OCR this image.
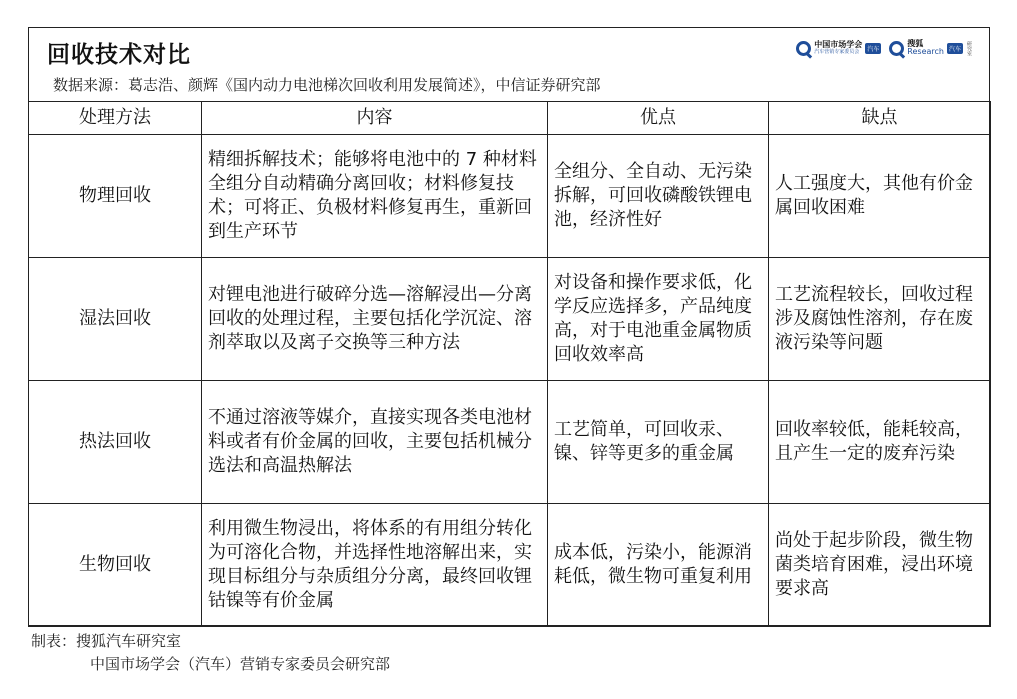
回收技术对比
数据来源：葛志浩、颜辉《国内动力电池梯次回收利用发展简述》，中信证券研究部
中国市场学会
汽车营销专家委员会	汽车
搜狐
Research 汽车	研究室
处理方法	内容	优点	缺点
物理回收	精细拆解技术；能够将电池中的 7 种材料全组分自动精确分离回收；材料修复技术；可将正、负极材料修复再生，重新回到生产环节	全组分、全自动、无污染拆解，可回收磷酸铁锂电池，经济性好	人工强度大，其他有价金属回收困难
湿法回收	对锂电池进行破碎分选—溶解浸出—分离回收的处理过程，主要包括化学沉淀、溶剂萃取以及离子交换等三种方法	对设备和操作要求低，化学反应选择多，产品纯度高，对于电池重金属物质回收效率高	工艺流程较长，回收过程涉及腐蚀性溶剂，存在废液污染等问题
热法回收	不通过溶液等媒介，直接实现各类电池材料或者有价金属的回收，主要包括机械分选法和高温热解法	工艺简单，可回收汞、镍、锌等更多的重金属	回收率较低，能耗较高，且产生一定的废弃污染
生物回收	利用微生物浸出，将体系的有用组分转化为可溶化合物，并选择性地溶解出来，实现目标组分与杂质组分分离，最终回收锂钴镍等有价金属	成本低，污染小，能源消耗低，微生物可重复利用	尚处于起步阶段，微生物菌类培育困难，浸出环境要求高
制表：搜狐汽车研究室
中国市场学会（汽车）营销专家委员会研究部
